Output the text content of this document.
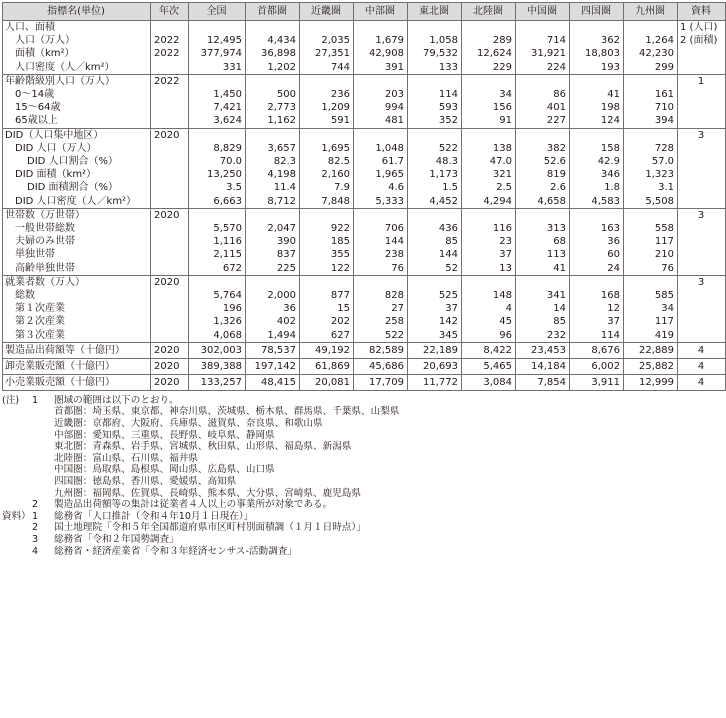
指標名(単位)	年次	全国	首都圏	近畿圏	中部圏	東北圏	北陸圏	中国圏	四国圏	九州圏	資料
人口、面積											1 (人口)
人口（万人）	2022	12,495	4,434	2,035	1,679	1,058	289	714	362	1,264	2 (面積)
面積（km²）	2022	377,974	36,898	27,351	42,908	79,532	12,624	31,921	18,803	42,230	
人口密度（人／km²）		331	1,202	744	391	133	229	224	193	299	
年齢階級別人口（万人）	2022										1
0～14歳		1,450	500	236	203	114	34	86	41	161	
15～64歳		7,421	2,773	1,209	994	593	156	401	198	710	
65歳以上		3,624	1,162	591	481	352	91	227	124	394	
DID（人口集中地区）	2020										3
DID 人口（万人）		8,829	3,657	1,695	1,048	522	138	382	158	728	
DID 人口割合（%）		70.0	82.3	82.5	61.7	48.3	47.0	52.6	42.9	57.0	
DID 面積（km²）		13,250	4,198	2,160	1,965	1,173	321	819	346	1,323	
DID 面積割合（%）		3.5	11.4	7.9	4.6	1.5	2.5	2.6	1.8	3.1	
DID 人口密度（人／km²）		6,663	8,712	7,848	5,333	4,452	4,294	4,658	4,583	5,508	
世帯数（万世帯）	2020										3
一般世帯総数		5,570	2,047	922	706	436	116	313	163	558	
夫婦のみ世帯		1,116	390	185	144	85	23	68	36	117	
単独世帯		2,115	837	355	238	144	37	113	60	210	
高齢単独世帯		672	225	122	76	52	13	41	24	76	
就業者数（万人）	2020										3
総数		5,764	2,000	877	828	525	148	341	168	585	
第１次産業		196	36	15	27	37	4	14	12	34	
第２次産業		1,326	402	202	258	142	45	85	37	117	
第３次産業		4,068	1,494	627	522	345	96	232	114	419	
製造品出荷額等（十億円）	2020	302,003	78,537	49,192	82,589	22,189	8,422	23,453	8,676	22,889	4
卸売業販売額（十億円）	2020	389,388	197,142	61,869	45,686	20,693	5,465	14,184	6,002	25,882	4
小売業販売額（十億円）	2020	133,257	48,415	20,081	17,709	11,772	3,084	7,854	3,911	12,999	4
(注) 1 圏域の範囲は以下のとおり。
首都圏：埼玉県、東京都、神奈川県、茨城県、栃木県、群馬県、千葉県、山梨県
近畿圏：京都府、大阪府、兵庫県、滋賀県、奈良県、和歌山県
中部圏：愛知県、三重県、長野県、岐阜県、静岡県
東北圏：青森県、岩手県、宮城県、秋田県、山形県、福島県、新潟県
北陸圏：富山県、石川県、福井県
中国圏：鳥取県、島根県、岡山県、広島県、山口県
四国圏：徳島県、香川県、愛媛県、高知県
九州圏：福岡県、佐賀県、長崎県、熊本県、大分県、宮崎県、鹿児島県
2 製造品出荷額等の集計は従業者４人以上の事業所が対象である。
資料） 1 総務省「人口推計（令和４年10月１日現在）」
2 国土地理院「令和５年全国都道府県市区町村別面積調（１月１日時点）」
3 総務省「令和２年国勢調査」
4 総務省・経済産業省「令和３年経済センサス-活動調査」
